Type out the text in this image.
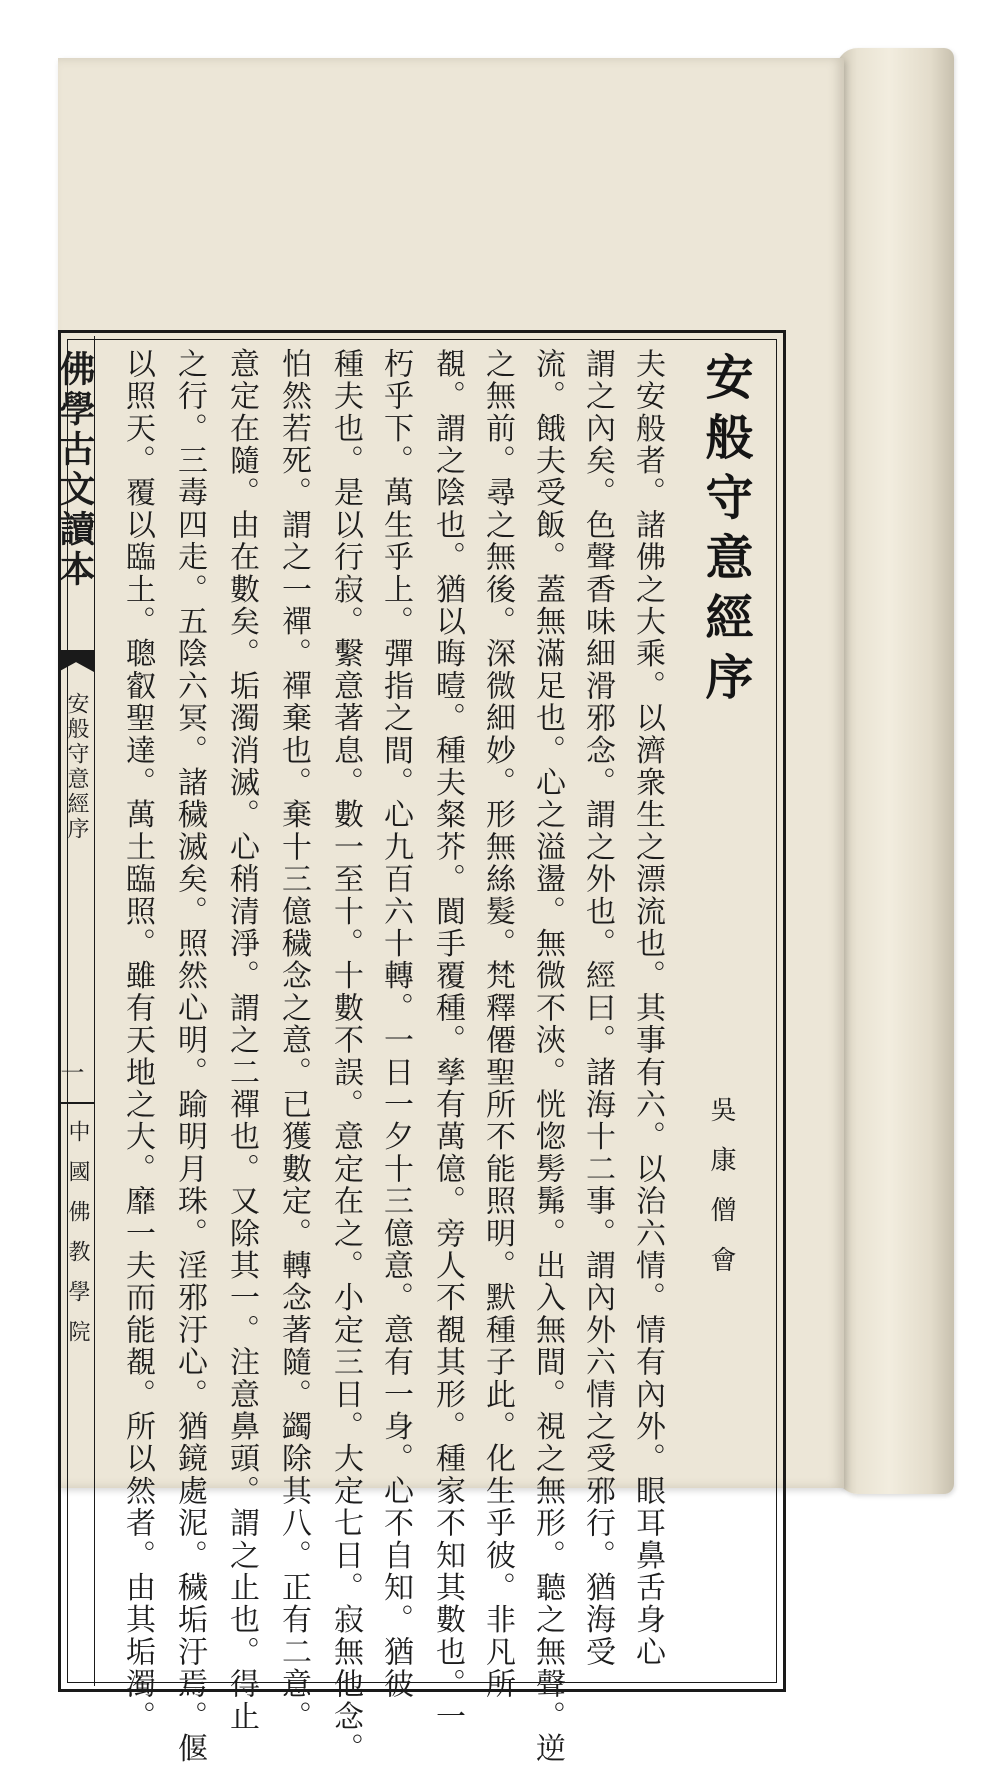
佛學古文讀本
安般守意經序
一
中國佛教學院
安般守意經序
吳康僧會
夫安般者。諸佛之大乘。以濟衆生之漂流也。其事有六。以治六情。情有內外。眼耳鼻舌身心
謂之內矣。色聲香味細滑邪念。謂之外也。經曰。諸海十二事。謂內外六情之受邪行。猶海受
流。餓夫受飯。蓋無滿足也。心之溢盪。無微不浹。恍惚髣髴。出入無間。視之無形。聽之無聲。逆
之無前。尋之無後。深微細妙。形無絲髮。梵釋僊聖所不能照明。默種子此。化生乎彼。非凡所
覩。謂之陰也。猶以晦曀。種夫粲芥。閬手覆種。孳有萬億。旁人不覩其形。種家不知其數也。一
朽乎下。萬生乎上。彈指之間。心九百六十轉。一日一夕十三億意。意有一身。心不自知。猶彼
種夫也。是以行寂。繫意著息。數一至十。十數不誤。意定在之。小定三日。大定七日。寂無他念。
怕然若死。謂之一禪。禪棄也。棄十三億穢念之意。已獲數定。轉念著隨。蠲除其八。正有二意。
意定在隨。由在數矣。垢濁消滅。心稍清淨。謂之二禪也。又除其一。注意鼻頭。謂之止也。得止
之行。三毒四走。五陰六冥。諸穢滅矣。照然心明。踰明月珠。淫邪汙心。猶鏡處泥。穢垢汙焉。偃
以照天。覆以臨土。聰叡聖達。萬土臨照。雖有天地之大。靡一夫而能覩。所以然者。由其垢濁。
